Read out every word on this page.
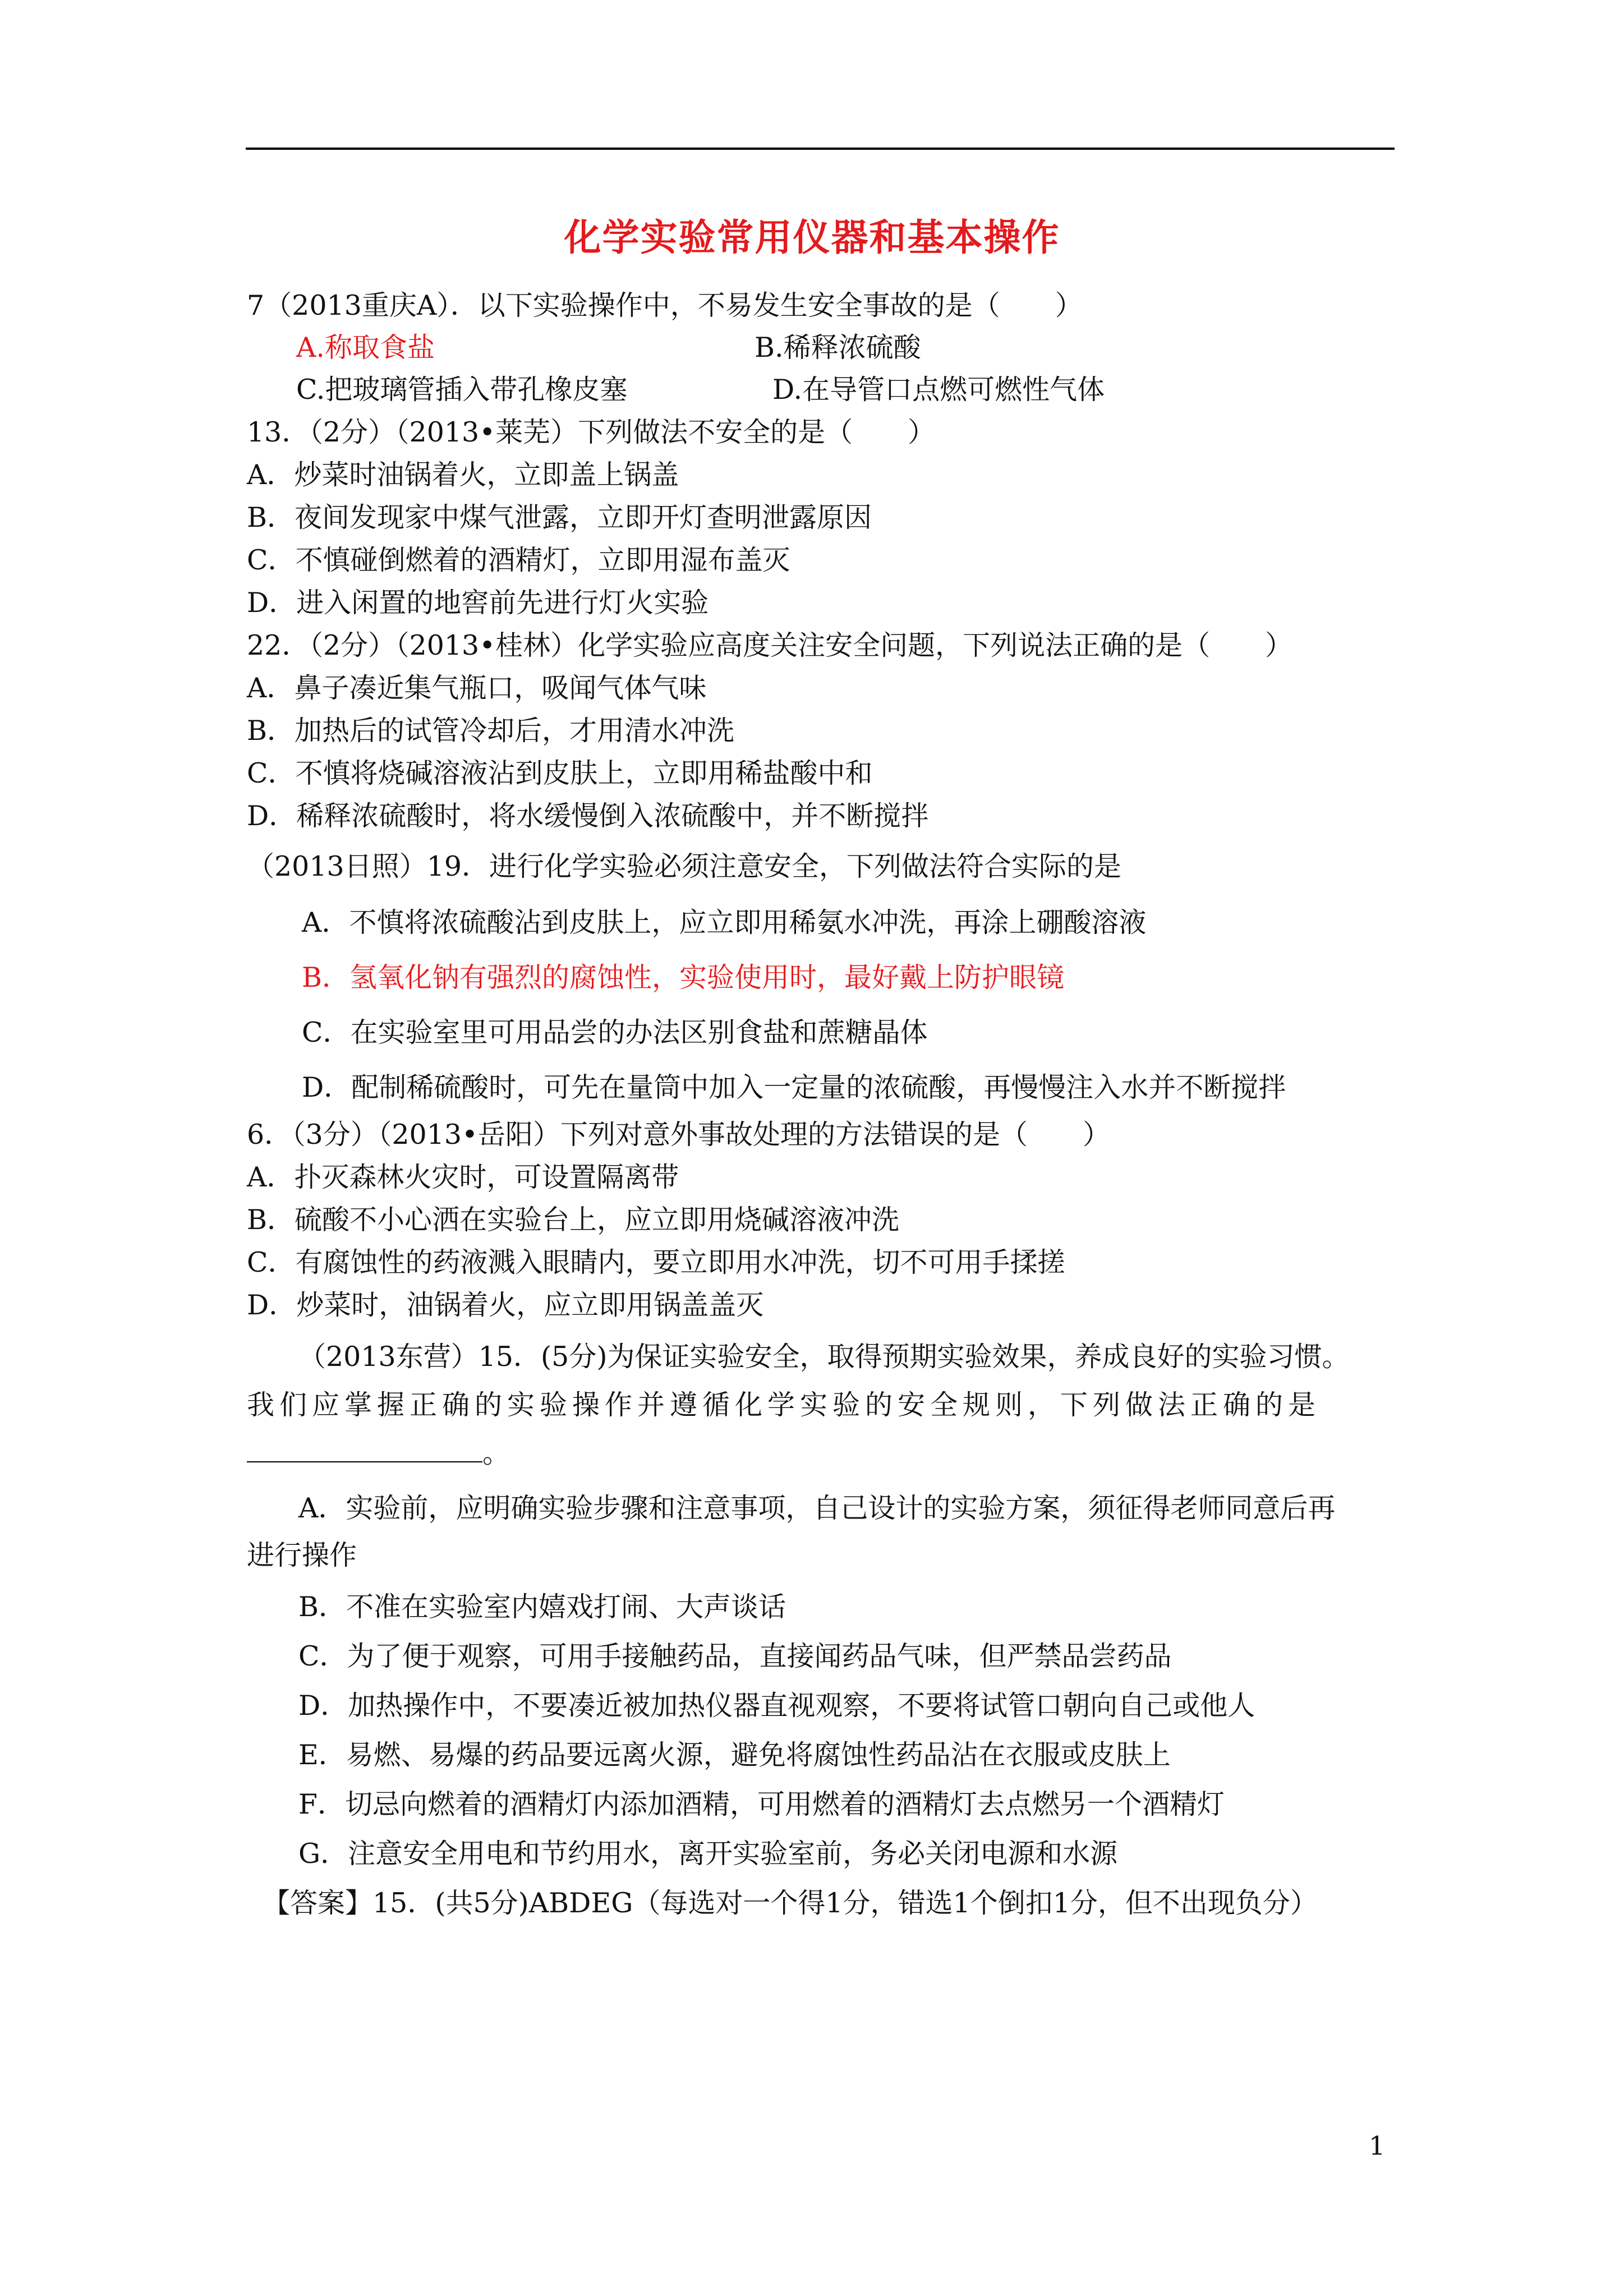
化学实验常用仪器和基本操作
7（2013重庆A）．以下实验操作中，不易发生安全事故的是（　　）
A.称取食盐	B.稀释浓硫酸
C.把玻璃管插入带孔橡皮塞	D.在导管口点燃可燃性气体
13．（2分）（2013•莱芜）下列做法不安全的是（　　）
A．炒菜时油锅着火，立即盖上锅盖
B．夜间发现家中煤气泄露，立即开灯查明泄露原因
C．不慎碰倒燃着的酒精灯，立即用湿布盖灭
D．进入闲置的地窖前先进行灯火实验
22．（2分）（2013•桂林）化学实验应高度关注安全问题，下列说法正确的是（　　）
A．鼻子凑近集气瓶口，吸闻气体气味
B．加热后的试管冷却后，才用清水冲洗
C．不慎将烧碱溶液沾到皮肤上，立即用稀盐酸中和
D．稀释浓硫酸时，将水缓慢倒入浓硫酸中，并不断搅拌
（2013日照）19．进行化学实验必须注意安全，下列做法符合实际的是
A．不慎将浓硫酸沾到皮肤上，应立即用稀氨水冲洗，再涂上硼酸溶液
B．氢氧化钠有强烈的腐蚀性，实验使用时，最好戴上防护眼镜
C．在实验室里可用品尝的办法区别食盐和蔗糖晶体
D．配制稀硫酸时，可先在量筒中加入一定量的浓硫酸，再慢慢注入水并不断搅拌
6．（3分）（2013•岳阳）下列对意外事故处理的方法错误的是（　　）
A．扑灭森林火灾时，可设置隔离带
B．硫酸不小心洒在实验台上，应立即用烧碱溶液冲洗
C．有腐蚀性的药液溅入眼睛内，要立即用水冲洗，切不可用手揉搓
D．炒菜时，油锅着火，应立即用锅盖盖灭
（2013东营）15．(5分)为保证实验安全，取得预期实验效果，养成良好的实验习惯。
我们应掌握正确的实验操作并遵循化学实验的安全规则，下列做法正确的是
。
A．实验前，应明确实验步骤和注意事项，自己设计的实验方案，须征得老师同意后再
进行操作
B．不准在实验室内嬉戏打闹、大声谈话
C．为了便于观察，可用手接触药品，直接闻药品气味，但严禁品尝药品
D．加热操作中，不要凑近被加热仪器直视观察，不要将试管口朝向自己或他人
E．易燃、易爆的药品要远离火源，避免将腐蚀性药品沾在衣服或皮肤上
F．切忌向燃着的酒精灯内添加酒精，可用燃着的酒精灯去点燃另一个酒精灯
G．注意安全用电和节约用水，离开实验室前，务必关闭电源和水源
【答案】15．(共5分)ABDEG（每选对一个得1分，错选1个倒扣1分，但不出现负分）
1
